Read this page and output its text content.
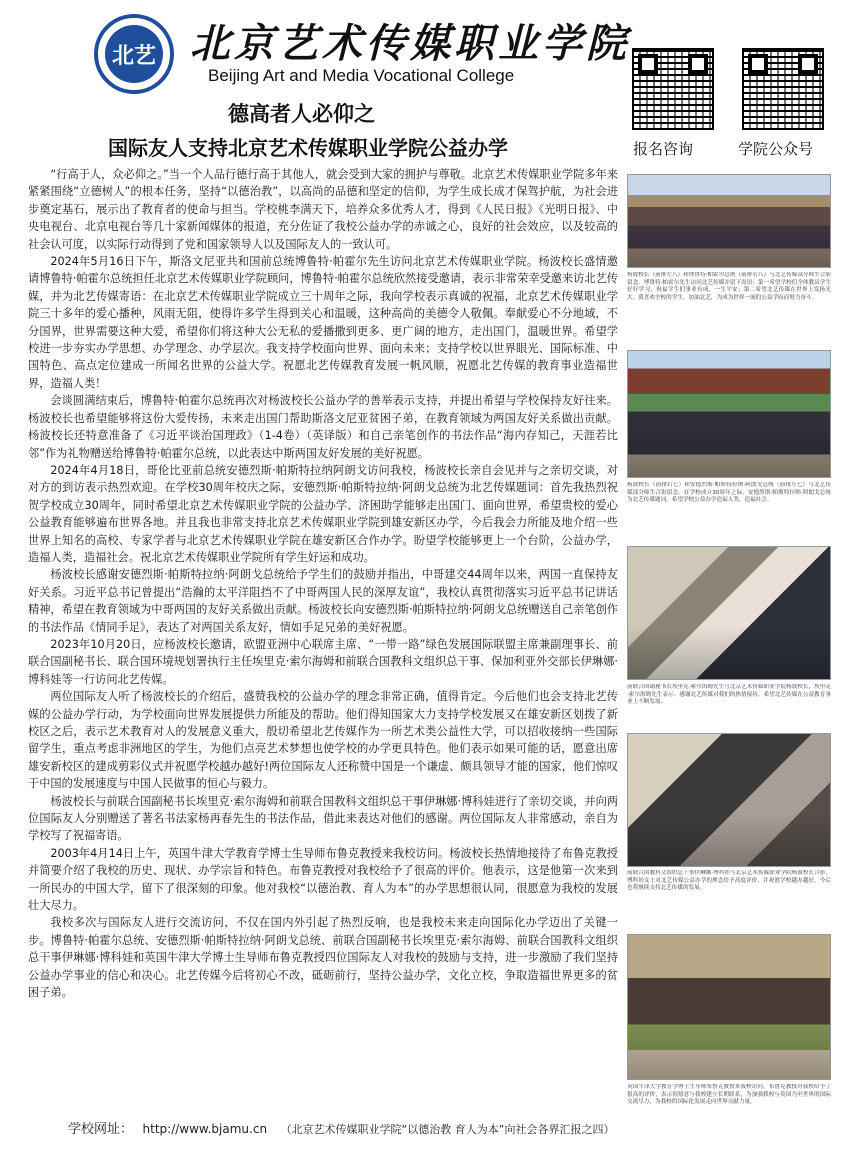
北艺 北京艺术传媒职业学院
Beijing Art and Media Vocational College
德高者人必仰之
国际友人支持北京艺术传媒职业学院公益办学	报名咨询	学院公众号

“行高于人，众必仰之。”当一个人品行德行高于其他人，就会受到大家的拥护与尊敬。北京艺术传媒职业学院多年来紧紧围绕“立德树人”的根本任务，坚持“以德治教”，以高尚的品德和坚定的信仰，为学生成长成才保驾护航，为社会进步奠定基石，展示出了教育者的使命与担当。学校桃李满天下，培养众多优秀人才，得到《人民日报》《光明日报》、中央电视台、北京电视台等几十家新闻媒体的报道，充分佐证了我校公益办学的赤诚之心，良好的社会效应，以及较高的社会认可度，以实际行动得到了党和国家领导人以及国际友人的一致认可。

2024年5月16日下午，斯洛文尼亚共和国前总统博鲁特·帕霍尔先生访问北京艺术传媒职业学院。杨波校长盛情邀请博鲁特·帕霍尔总统担任北京艺术传媒职业学院顾问，博鲁特·帕霍尔总统欣然接受邀请，表示非常荣幸受邀来访北艺传媒，并为北艺传媒寄语：在北京艺术传媒职业学院成立三十周年之际，我向学校表示真诚的祝福，北京艺术传媒职业学院三十多年的爱心播种，风雨无阻，使得许多学生得到关心和温暖，这种高尚的美德令人敬佩。奉献爱心不分地域，不分国界，世界需要这种大爱，希望你们将这种大公无私的爱播撒到更多、更广阔的地方，走出国门，温暖世界。希望学校进一步夯实办学思想、办学理念、办学层次。我支持学校面向世界、面向未来；支持学校以世界眼光、国际标准、中国特色、高点定位建成一所闻名世界的公益大学。祝愿北艺传媒教育发展一帆风顺，祝愿北艺传媒的教育事业造福世界，造福人类！

会谈圆满结束后，博鲁特·帕霍尔总统再次对杨波校长公益办学的善举表示支持，并提出希望与学校保持友好往来。杨波校长也希望能够将这份大爱传扬，未来走出国门帮助斯洛文尼亚贫困子弟，在教育领域为两国友好关系做出贡献。杨波校长还特意准备了《习近平谈治国理政》（1-4卷）（英译版）和自己亲笔创作的书法作品“海内存知己，天涯若比邻”作为礼物赠送给博鲁特·帕霍尔总统，以此表达中斯两国友好发展的美好祝愿。

2024年4月18日，哥伦比亚前总统安德烈斯·帕斯特拉纳阿朗戈访问我校，杨波校长亲自会见并与之亲切交谈，对对方的到访表示热烈欢迎。在学校30周年校庆之际，安德烈斯·帕斯特拉纳·阿朗戈总统为北艺传媒题词：首先我热烈祝贺学校成立30周年，同时希望北京艺术传媒职业学院的公益办学、济困助学能够走出国门、面向世界，希望贵校的爱心公益教育能够遍布世界各地。并且我也非常支持北京艺术传媒职业学院到雄安新区办学，今后我会力所能及地介绍一些世界上知名的高校、专家学者与北京艺术传媒职业学院在雄安新区合作办学。盼望学校能够更上一个台阶，公益办学，造福人类，造福社会。祝北京艺术传媒职业学院所有学生好运和成功。

杨波校长感谢安德烈斯·帕斯特拉纳·阿朗戈总统给予学生们的鼓励并指出，中哥建交44周年以来，两国一直保持友好关系。习近平总书记曾提出“浩瀚的太平洋阻挡不了中哥两国人民的深厚友谊”，我校认真贯彻落实习近平总书记讲话精神，希望在教育领域为中哥两国的友好关系做出贡献。杨波校长向安德烈斯·帕斯特拉纳·阿朗戈总统赠送自己亲笔创作的书法作品《情同手足》，表达了对两国关系友好，情如手足兄弟的美好祝愿。

2023年10月20日，应杨波校长邀请，欧盟亚洲中心联席主席、“一带一路”绿色发展国际联盟主席兼副理事长、前联合国副秘书长、联合国环境规划署执行主任埃里克·索尔海姆和前联合国教科文组织总干事、保加利亚外交部长伊琳娜·博科娃等一行访问北艺传媒。

两位国际友人听了杨波校长的介绍后，盛赞我校的公益办学的理念非常正确，值得肯定。今后他们也会支持北艺传媒的公益办学行动，为学校面向世界发展提供力所能及的帮助。他们得知国家大力支持学校发展又在雄安新区划拨了新校区之后，表示艺术教育对人的发展意义重大，殷切希望北艺传媒作为一所艺术类公益性大学，可以招收接纳一些国际留学生，重点考虑非洲地区的学生，为他们点亮艺术梦想也使学校的办学更具特色。他们表示如果可能的话，愿意出席雄安新校区的建成剪彩仪式并祝愿学校越办越好!两位国际友人还称赞中国是一个谦虚、颇具领导才能的国家，他们惊叹于中国的发展速度与中国人民做事的恒心与毅力。

杨波校长与前联合国副秘书长埃里克·索尔海姆和前联合国教科文组织总干事伊琳娜·博科娃进行了亲切交谈，并向两位国际友人分别赠送了著名书法家杨再春先生的书法作品，借此来表达对他们的感谢。两位国际友人非常感动，亲自为学校写了祝福寄语。

2003年4月14日上午，英国牛津大学教育学博士生导师布鲁克教授来我校访问。杨波校长热情地接待了布鲁克教授并简要介绍了我校的历史、现状、办学宗旨和特色。布鲁克教授对我校给予了很高的评价。他表示，这是他第一次来到一所民办的中国大学，留下了很深刻的印象。他对我校“以德治教、育人为本”的办学思想很认同，很愿意为我校的发展壮大尽力。

我校多次与国际友人进行交流访问，不仅在国内外引起了热烈反响，也是我校未来走向国际化办学迈出了关键一步。博鲁特·帕霍尔总统、安德烈斯·帕斯特拉纳·阿朗戈总统、前联合国副秘书长埃里克·索尔海姆、前联合国教科文组织总干事伊琳娜·博科娃和英国牛津大学博士生导师布鲁克教授四位国际友人对我校的鼓励与支持，进一步激励了我们坚持公益办学事业的信心和决心。北艺传媒今后将初心不改，砥砺前行，坚持公益办学，文化立校，争取造福世界更多的贫困子弟。

学校网址： http://www.bjamu.cn （北京艺术传媒职业学院“以德治教 育人为本”向社会各界汇报之四）
杨波校长（前排左八）和博鲁特·帕霍尔总统（前排右八）与北艺传媒部分师生合影留念。博鲁特·帕霍尔先生访问北艺传媒并留下寄语：第一希望学校们全体教员学生好好学习，祝福学生们事业有成，一生平安；第二希望北艺传媒在世界上发扬光大。我喜欢全校的学生，加油北艺，为成为世界一流的公益学府而努力奋斗。
杨波校长（前排右七）和安德烈斯·帕斯特拉纳·阿朗戈总统（前排左七）与北艺传媒部分师生合影留念。在学校成立30周年之际，安德烈斯·帕斯特拉纳·阿朗戈总统为北艺传媒题词，希望学校公益办学造福人类，造福社会。
前联合国副秘书长埃里克·索尔海姆先生与北京艺术传媒职业学院杨波校长，埃里克·索尔海姆先生表示：感谢北艺传媒对我们的热情接待，希望北艺传媒在公益教育事业上不断发展。
前联合国教科文组织总干事伊琳娜·博科娃与北京艺术传媒职业学院杨波校长合影，博科娃女士对北艺传媒公益办学的理念给予高度评价，并祝愿学校越办越好，今后也将继续支持北艺传媒的发展。
英国牛津大学教育学博士生导师布鲁克教授来我校访问，布鲁克教授对我校给予了很高的评价，表示很愿意与我校建立长期联系，为加强我校与英国乃至世界的国际交流尽力，为我校的国际化发展走向世界贡献力量。
